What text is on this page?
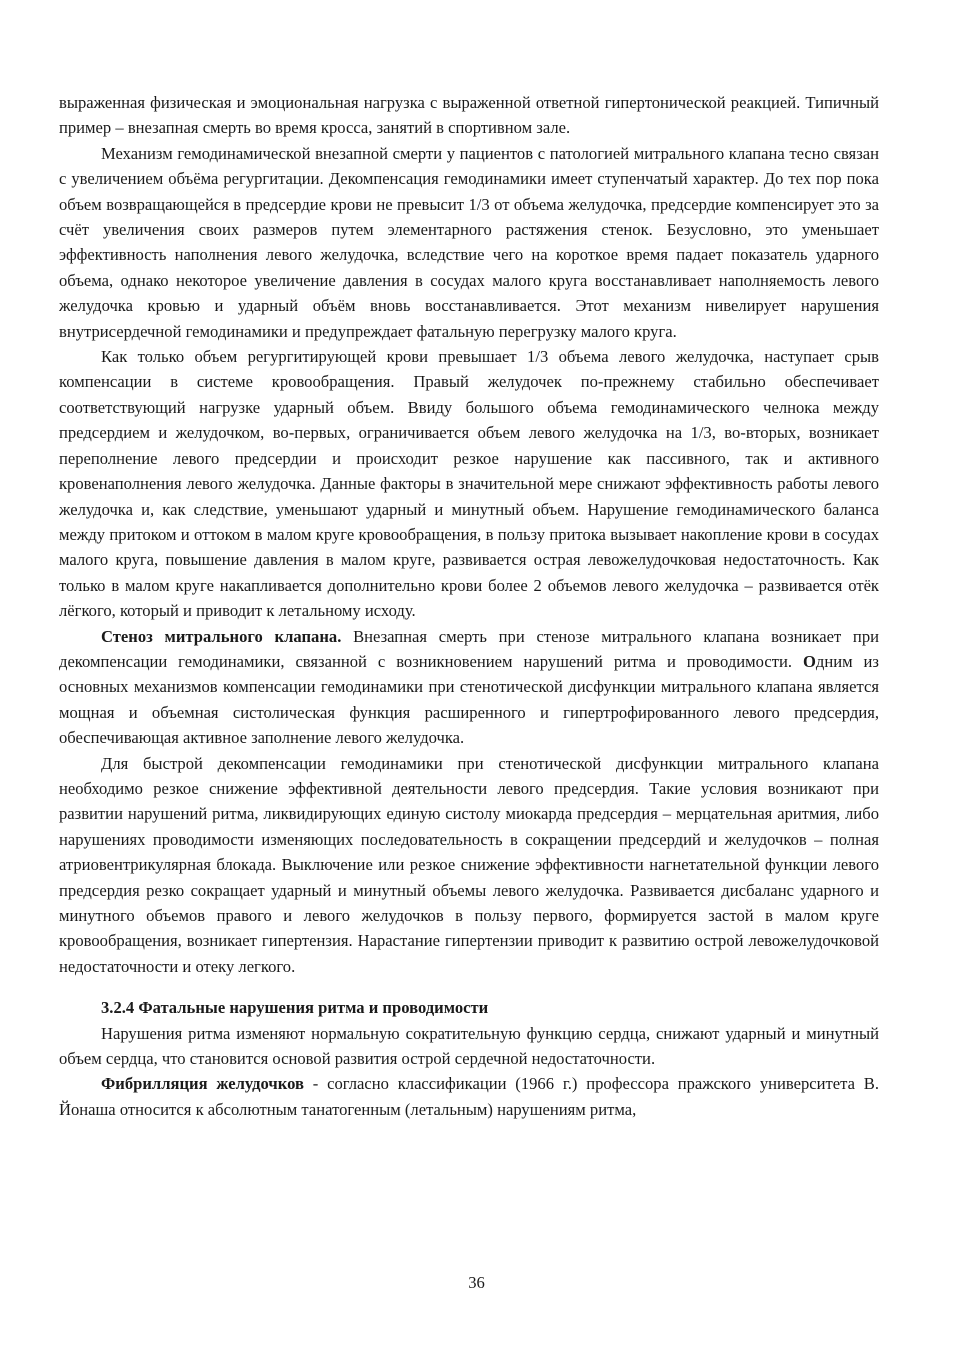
выраженная физическая и эмоциональная нагрузка с выраженной ответной гипертонической реакцией. Типичный пример – внезапная смерть во время кросса, занятий в спортивном зале.

Механизм гемодинамической внезапной смерти у пациентов с патологией митрального клапана тесно связан с увеличением объёма регургитации. Декомпенсация гемодинамики имеет ступенчатый характер. До тех пор пока объем возвращающейся в предсердие крови не превысит 1/3 от объема желудочка, предсердие компенсирует это за счёт увеличения своих размеров путем элементарного растяжения стенок. Безусловно, это уменьшает эффективность наполнения левого желудочка, вследствие чего на короткое время падает показатель ударного объема, однако некоторое увеличение давления в сосудах малого круга восстанавливает наполняемость левого желудочка кровью и ударный объём вновь восстанавливается. Этот механизм нивелирует нарушения внутрисердечной гемодинамики и предупреждает фатальную перегрузку малого круга.

Как только объем регургитирующей крови превышает 1/3 объема левого желудочка, наступает срыв компенсации в системе кровообращения. Правый желудочек по-прежнему стабильно обеспечивает соответствующий нагрузке ударный объем. Ввиду большого объема гемодинамического челнока между предсердием и желудочком, во-первых, ограничивается объем левого желудочка на 1/3, во-вторых, возникает переполнение левого предсердии и происходит резкое нарушение как пассивного, так и активного кровенаполнения левого желудочка. Данные факторы в значительной мере снижают эффективность работы левого желудочка и, как следствие, уменьшают ударный и минутный объем. Нарушение гемодинамического баланса между притоком и оттоком в малом круге кровообращения, в пользу притока вызывает накопление крови в сосудах малого круга, повышение давления в малом круге, развивается острая левожелудочковая недостаточность. Как только в малом круге накапливается дополнительно крови более 2 объемов левого желудочка – развивается отёк лёгкого, который и приводит к летальному исходу.

Стеноз митрального клапана. Внезапная смерть при стенозе митрального клапана возникает при декомпенсации гемодинамики, связанной с возникновением нарушений ритма и проводимости. Одним из основных механизмов компенсации гемодинамики при стенотической дисфункции митрального клапана является мощная и объемная систолическая функция расширенного и гипертрофированного левого предсердия, обеспечивающая активное заполнение левого желудочка.

Для быстрой декомпенсации гемодинамики при стенотической дисфункции митрального клапана необходимо резкое снижение эффективной деятельности левого предсердия. Такие условия возникают при развитии нарушений ритма, ликвидирующих единую систолу миокарда предсердия – мерцательная аритмия, либо нарушениях проводимости изменяющих последовательность в сокращении предсердий и желудочков – полная атриовентрикулярная блокада. Выключение или резкое снижение эффективности нагнетательной функции левого предсердия резко сокращает ударный и минутный объемы левого желудочка. Развивается дисбаланс ударного и минутного объемов правого и левого желудочков в пользу первого, формируется застой в малом круге кровообращения, возникает гипертензия. Нарастание гипертензии приводит к развитию острой левожелудочковой недостаточности и отеку легкого.

3.2.4 Фатальные нарушения ритма и проводимости

Нарушения ритма изменяют нормальную сократительную функцию сердца, снижают ударный и минутный объем сердца, что становится основой развития острой сердечной недостаточности.

Фибрилляция желудочков - согласно классификации (1966 г.) профессора пражского университета В. Йонаша относится к абсолютным танатогенным (летальным) нарушениям ритма,

36
